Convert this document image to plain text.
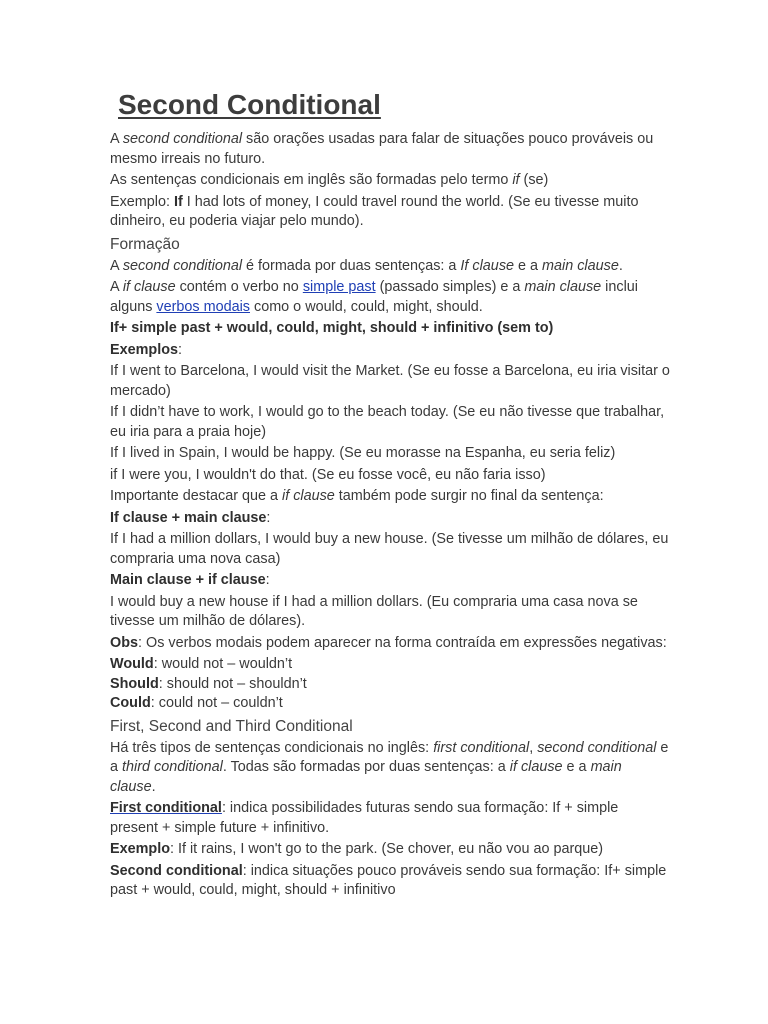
Second Conditional

A second conditional são orações usadas para falar de situações pouco prováveis ou mesmo irreais no futuro.

As sentenças condicionais em inglês são formadas pelo termo if (se)

Exemplo: If I had lots of money, I could travel round the world. (Se eu tivesse muito dinheiro, eu poderia viajar pelo mundo).

Formação

A second conditional é formada por duas sentenças: a If clause e a main clause.

A if clause contém o verbo no simple past (passado simples) e a main clause inclui alguns verbos modais como o would, could, might, should.

If+ simple past + would, could, might, should + infinitivo (sem to)

Exemplos:

If I went to Barcelona, I would visit the Market. (Se eu fosse a Barcelona, eu iria visitar o mercado)

If I didn’t have to work, I would go to the beach today. (Se eu não tivesse que trabalhar, eu iria para a praia hoje)

If I lived in Spain, I would be happy. (Se eu morasse na Espanha, eu seria feliz)

if I were you, I wouldn't do that. (Se eu fosse você, eu não faria isso)

Importante destacar que a if clause também pode surgir no final da sentença:

If clause + main clause:

If I had a million dollars, I would buy a new house. (Se tivesse um milhão de dólares, eu compraria uma nova casa)

Main clause + if clause:

I would buy a new house if I had a million dollars. (Eu compraria uma casa nova se tivesse um milhão de dólares).

Obs: Os verbos modais podem aparecer na forma contraída em expressões negativas:

Would: would not – wouldn’t

Should: should not – shouldn’t

Could: could not – couldn’t

First, Second and Third Conditional

Há três tipos de sentenças condicionais no inglês: first conditional, second conditional e a third conditional. Todas são formadas por duas sentenças: a if clause e a main clause.

First conditional: indica possibilidades futuras sendo sua formação: If + simple present + simple future + infinitivo.

Exemplo: If it rains, I won't go to the park. (Se chover, eu não vou ao parque)

Second conditional: indica situações pouco prováveis sendo sua formação: If+ simple past + would, could, might, should + infinitivo
